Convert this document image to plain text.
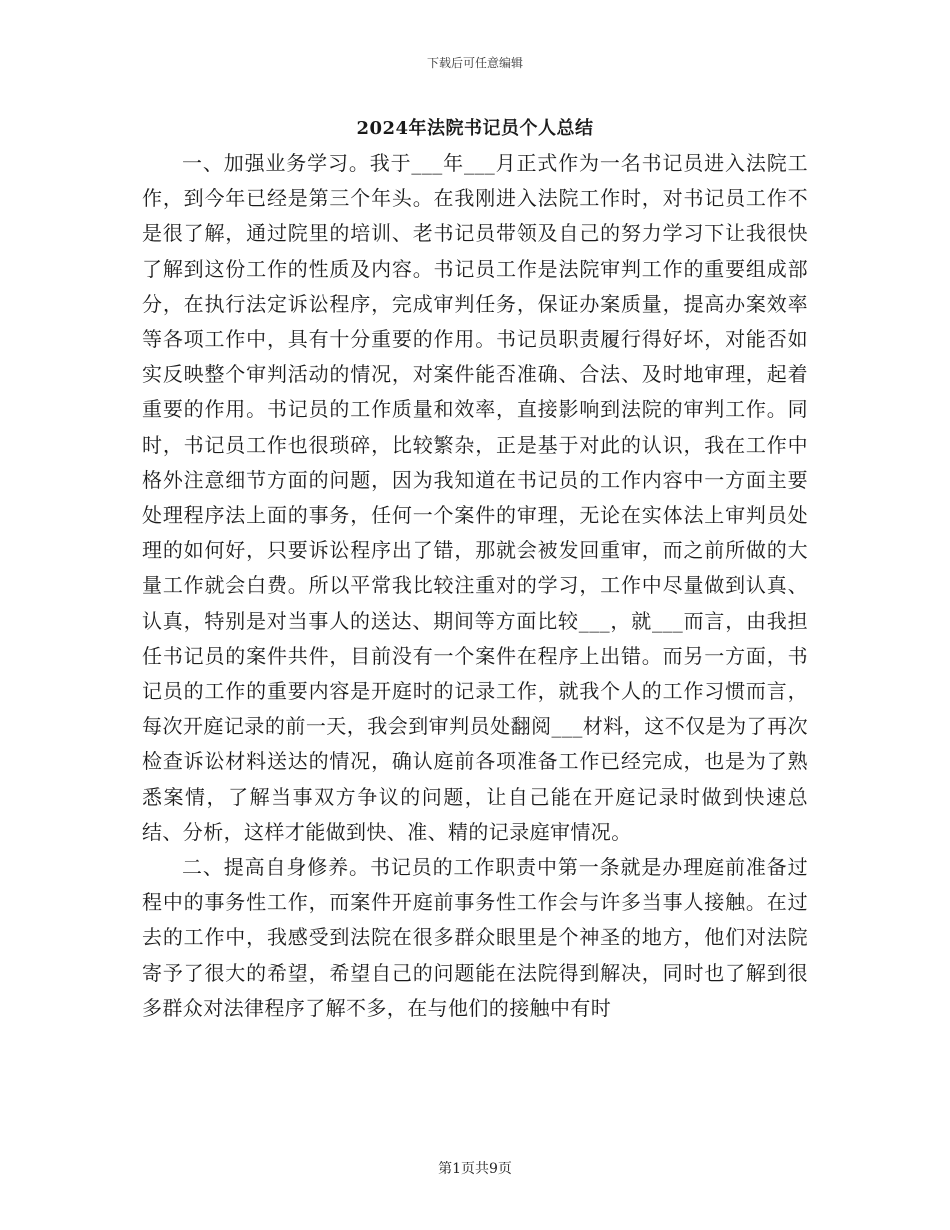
下载后可任意编辑
2024年法院书记员个人总结

一、加强业务学习。我于___年___月正式作为一名书记员进入法院工作，到今年已经是第三个年头。在我刚进入法院工作时，对书记员工作不是很了解，通过院里的培训、老书记员带领及自己的努力学习下让我很快了解到这份工作的性质及内容。书记员工作是法院审判工作的重要组成部分，在执行法定诉讼程序，完成审判任务，保证办案质量，提高办案效率等各项工作中，具有十分重要的作用。书记员职责履行得好坏，对能否如实反映整个审判活动的情况，对案件能否准确、合法、及时地审理，起着重要的作用。书记员的工作质量和效率，直接影响到法院的审判工作。同时，书记员工作也很琐碎，比较繁杂，正是基于对此的认识，我在工作中格外注意细节方面的问题，因为我知道在书记员的工作内容中一方面主要处理程序法上面的事务，任何一个案件的审理，无论在实体法上审判员处理的如何好，只要诉讼程序出了错，那就会被发回重审，而之前所做的大量工作就会白费。所以平常我比较注重对的学习，工作中尽量做到认真、认真，特别是对当事人的送达、期间等方面比较___，就___而言，由我担任书记员的案件共件，目前没有一个案件在程序上出错。而另一方面，书记员的工作的重要内容是开庭时的记录工作，就我个人的工作习惯而言，每次开庭记录的前一天，我会到审判员处翻阅___材料，这不仅是为了再次检查诉讼材料送达的情况，确认庭前各项准备工作已经完成，也是为了熟悉案情，了解当事双方争议的问题，让自己能在开庭记录时做到快速总结、分析，这样才能做到快、准、精的记录庭审情况。

二、提高自身修养。书记员的工作职责中第一条就是办理庭前准备过程中的事务性工作，而案件开庭前事务性工作会与许多当事人接触。在过去的工作中，我感受到法院在很多群众眼里是个神圣的地方，他们对法院寄予了很大的希望，希望自己的问题能在法院得到解决，同时也了解到很多群众对法律程序了解不多，在与他们的接触中有时

第1页共9页
